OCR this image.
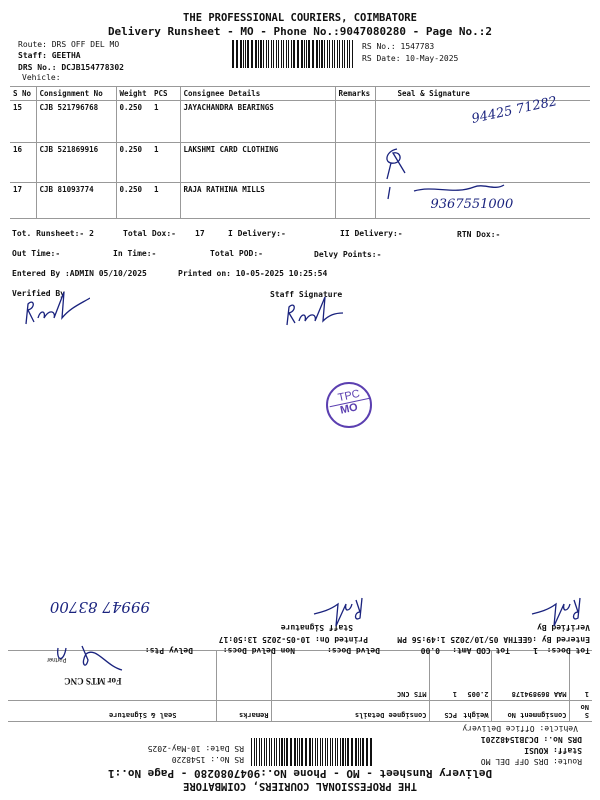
THE PROFESSIONAL COURIERS, COIMBATORE
Delivery Runsheet - MO - Phone No.:9047080280 - Page No.:2
Route: DRS OFF DEL MO
Staff: GEETHA
DRS No.: DCJB154778302
Vehicle:
RS No.: 1547783
RS Date: 10-May-2025
S No	Consignment No	Weight	PCS	Consignee Details	Remarks	Seal & Signature
15	CJB 521796768	0.250	1	JAYACHANDRA BEARINGS		94425 71282

16	CJB 521869916	0.250	1	LAKSHMI CARD CLOTHING		

17	CJB 81093774	0.250	1	RAJA RATHINA MILLS		9367551000
Tot. Runsheet:- 2	Total Dox:- 17	I Delivery:-	II Delivery:-	RTN Dox:-
Out Time:-	In Time:-	Total POD:-	Delvy Points:-
Entered By :ADMIN 05/10/2025	Printed on: 10-05-2025 10:25:54
Verified By	Staff Signature
TPC
MO
THE PROFESSIONAL COURIERS, COIMBATORE
Delivery Runsheet - MO - Phone No.:9047080280 - Page No.:1
Route: DRS OFF DEL MO
Staff: KOUSI
DRS No.: DCJB15482201
Vehicle: Office Delivery
RS No.: 1548220
RS Date: 10-May-2025
S No	Consignment No	Weight	PCS	Consignee Details	Remarks	Seal & Signature
1	MAA 869894178	2.005	1	MTS CNC		For MTS CNC
Partner
Tot Docs:
1
Tot COD Amt:
0.00
Delvd Docs:
Non Delvd Docs:
Delvy Pts:
Entered By :GEETHA 05/10/2025 1:49:56 PM
Printed On: 10-05-2025 13:50:17
Verified By
Staff Signature
99947 83700
